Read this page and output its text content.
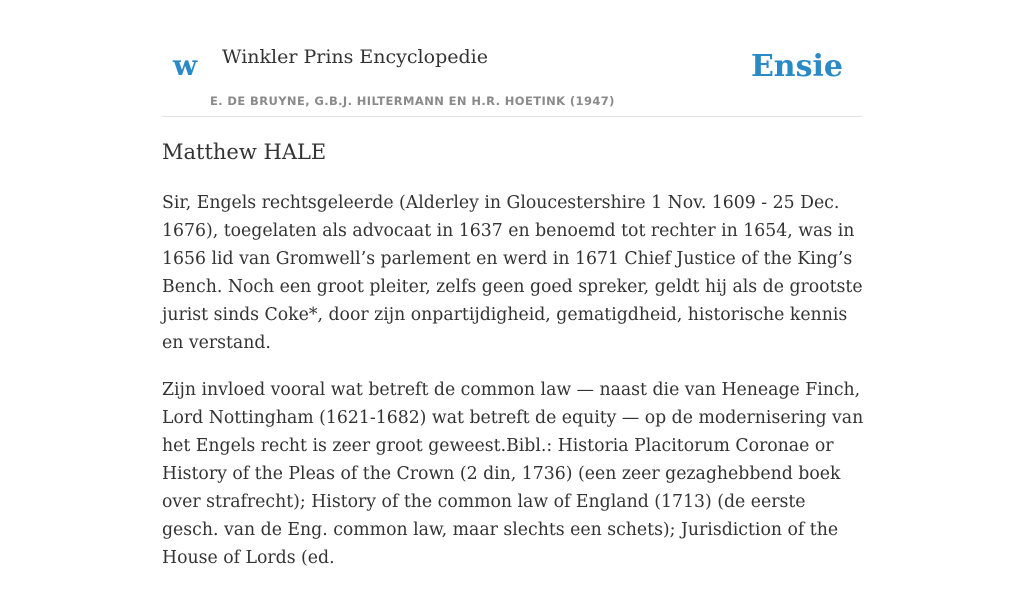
w Winkler Prins Encyclopedie
E. DE BRUYNE, G.B.J. HILTERMANN EN H.R. HOETINK (1947)
Ensie
Matthew HALE

Sir, Engels rechtsgeleerde (Alderley in Gloucestershire 1 Nov. 1609 - 25 Dec. 1676), toegelaten als advocaat in 1637 en benoemd tot rechter in 1654, was in 1656 lid van Gromwell’s parlement en werd in 1671 Chief Justice of the King’s Bench. Noch een groot pleiter, zelfs geen goed spreker, geldt hij als de grootste jurist sinds Coke*, door zijn onpartijdigheid, gematigdheid, historische kennis en verstand.

Zijn invloed vooral wat betreft de common law — naast die van Heneage Finch, Lord Nottingham (1621-1682) wat betreft de equity — op de modernisering van het Engels recht is zeer groot geweest.Bibl.: Historia Placitorum Coronae or History of the Pleas of the Crown (2 din, 1736) (een zeer gezaghebbend boek over strafrecht); History of the common law of England (1713) (de eerste gesch. van de Eng. common law, maar slechts een schets); Jurisdiction of the House of Lords (ed.
